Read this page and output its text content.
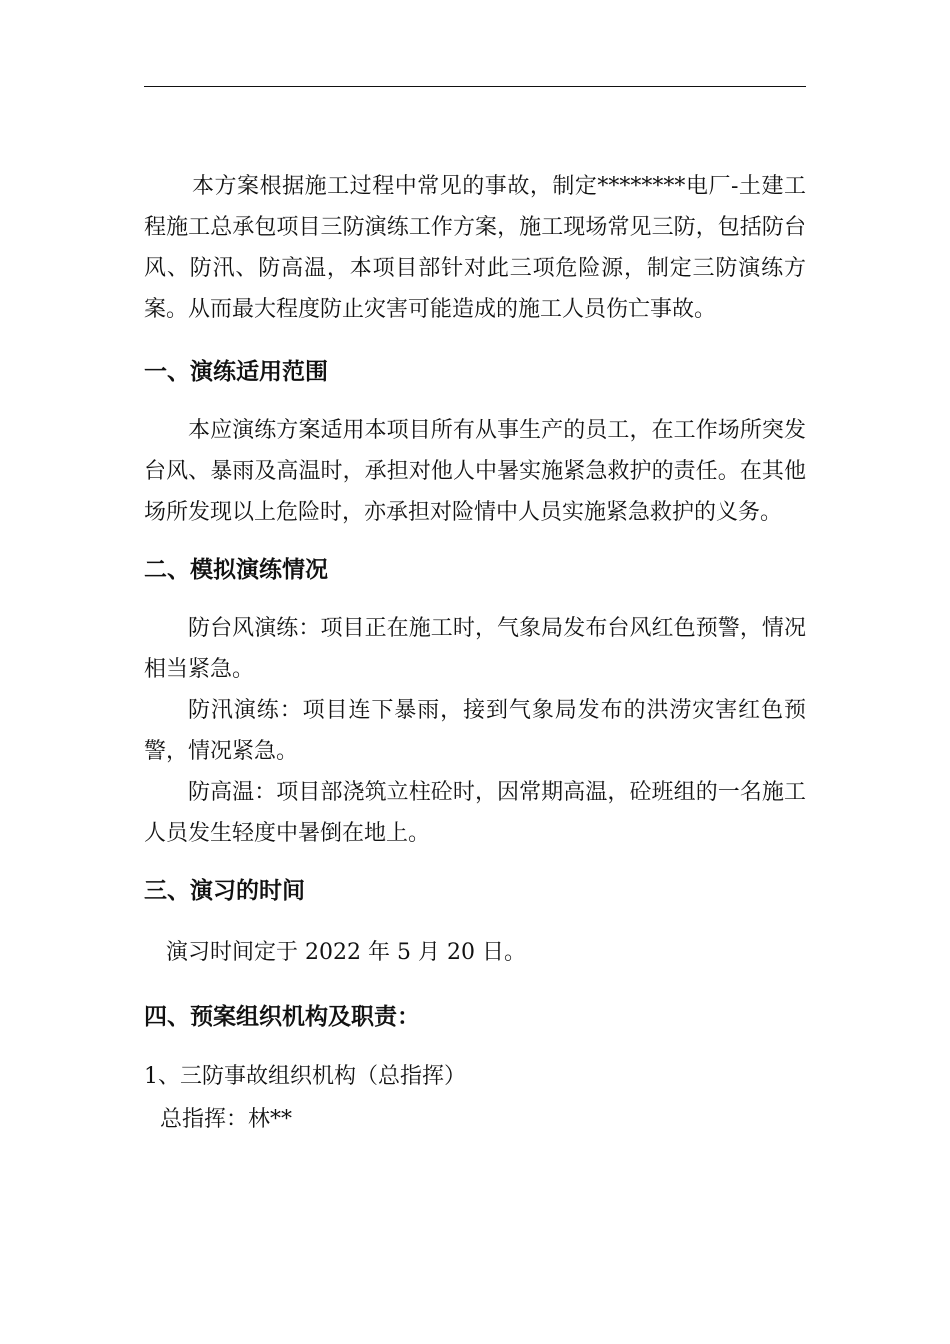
本方案根据施工过程中常见的事故，制定********电厂-土建工程施工总承包项目三防演练工作方案，施工现场常见三防，包括防台风、防汛、防高温，本项目部针对此三项危险源，制定三防演练方案。从而最大程度防止灾害可能造成的施工人员伤亡事故。

一、演练适用范围

本应演练方案适用本项目所有从事生产的员工，在工作场所突发台风、暴雨及高温时，承担对他人中暑实施紧急救护的责任。在其他场所发现以上危险时，亦承担对险情中人员实施紧急救护的义务。

二、模拟演练情况

防台风演练：项目正在施工时，气象局发布台风红色预警，情况相当紧急。

防汛演练：项目连下暴雨，接到气象局发布的洪涝灾害红色预警，情况紧急。

防高温：项目部浇筑立柱砼时，因常期高温，砼班组的一名施工人员发生轻度中暑倒在地上。

三、演习的时间

演习时间定于 2022 年 5 月 20 日。

四、预案组织机构及职责：

1、三防事故组织机构（总指挥）

总指挥：林**
